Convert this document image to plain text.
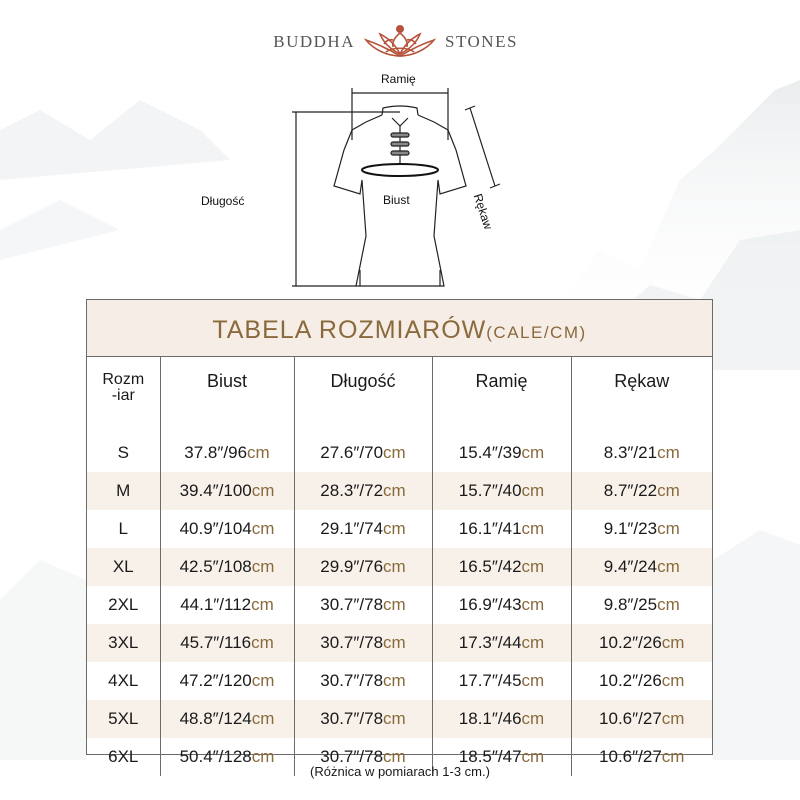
BUDDHA	STONES
Ramię
Rękaw
Długość	Biust
TABELA ROZMIARÓW(CALE/CM)
Rozm
-iar	Biust	Długość	Ramię	Rękaw
S	37.8″/96cm	27.6″/70cm	15.4″/39cm	8.3″/21cm
M	39.4″/100cm	28.3″/72cm	15.7″/40cm	8.7″/22cm
L	40.9″/104cm	29.1″/74cm	16.1″/41cm	9.1″/23cm
XL	42.5″/108cm	29.9″/76cm	16.5″/42cm	9.4″/24cm
2XL	44.1″/112cm	30.7″/78cm	16.9″/43cm	9.8″/25cm
3XL	45.7″/116cm	30.7″/78cm	17.3″/44cm	10.2″/26cm
4XL	47.2″/120cm	30.7″/78cm	17.7″/45cm	10.2″/26cm
5XL	48.8″/124cm	30.7″/78cm	18.1″/46cm	10.6″/27cm
6XL	50.4″/128cm	30.7″/78cm	18.5″/47cm	10.6″/27cm
(Różnica w pomiarach 1-3 cm.)
